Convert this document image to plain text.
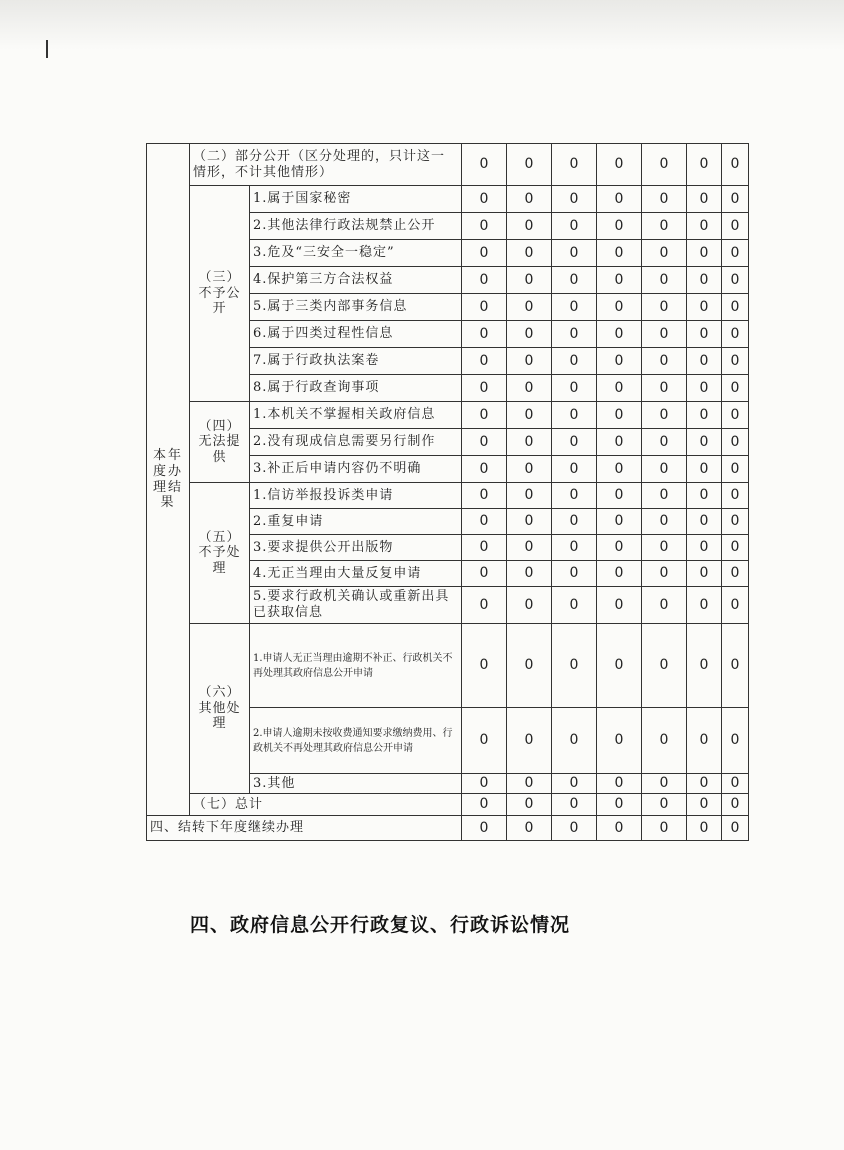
本年度办理结果	（二）部分公开（区分处理的，只计这一情形，不计其他情形）		0	0	0	0	0	0	0
	（三）不予公开	1.属于国家秘密	0	0	0	0	0	0	0
		2.其他法律行政法规禁止公开	0	0	0	0	0	0	0
		3.危及“三安全一稳定”	0	0	0	0	0	0	0
		4.保护第三方合法权益	0	0	0	0	0	0	0
		5.属于三类内部事务信息	0	0	0	0	0	0	0
		6.属于四类过程性信息	0	0	0	0	0	0	0
		7.属于行政执法案卷	0	0	0	0	0	0	0
		8.属于行政查询事项	0	0	0	0	0	0	0
	（四）无法提供	1.本机关不掌握相关政府信息	0	0	0	0	0	0	0
		2.没有现成信息需要另行制作	0	0	0	0	0	0	0
		3.补正后申请内容仍不明确	0	0	0	0	0	0	0
	（五）不予处理	1.信访举报投诉类申请	0	0	0	0	0	0	0
		2.重复申请	0	0	0	0	0	0	0
		3.要求提供公开出版物	0	0	0	0	0	0	0
		4.无正当理由大量反复申请	0	0	0	0	0	0	0
		5.要求行政机关确认或重新出具已获取信息	0	0	0	0	0	0	0
	（六）其他处理	1.申请人无正当理由逾期不补正、行政机关不再处理其政府信息公开申请	0	0	0	0	0	0	0
		2.申请人逾期未按收费通知要求缴纳费用、行政机关不再处理其政府信息公开申请	0	0	0	0	0	0	0
		3.其他	0	0	0	0	0	0	0
	（七）总计		0	0	0	0	0	0	0
四、结转下年度继续办理			0	0	0	0	0	0	0
四、政府信息公开行政复议、行政诉讼情况
